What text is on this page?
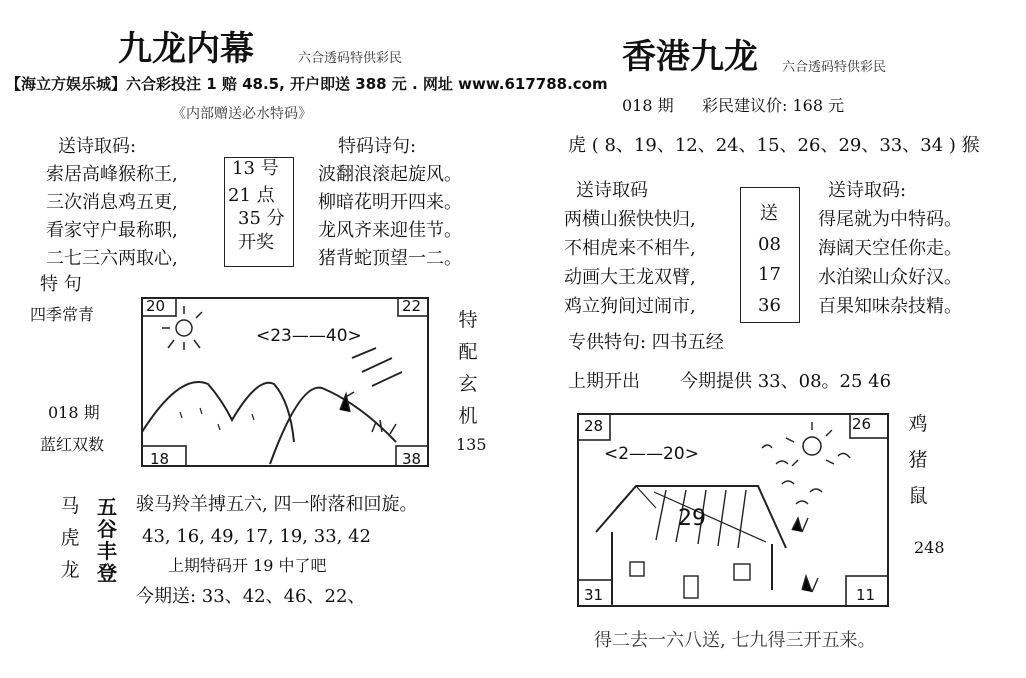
九龙内幕	六合透码特供彩民
【海立方娱乐城】六合彩投注 1 赔 48.5, 开户即送 388 元 . 网址 www.617788.com
《内部赠送必水特码》
送诗取码:
索居高峰猴称王,
三次消息鸡五更,
看家守户最称职,
二七三六两取心,
13 号
21 点
35 分
开奖
特码诗句:
波翻浪滚起旋风。
柳暗花明开四来。
龙风齐来迎佳节。
猪背蛇顶望一二。
特 句
四季常青
018 期
蓝红双数
20	22
<23——40>
18	38
特
配
玄
机
135
马
虎
龙
五
谷
丰
登
骏马羚羊搏五六, 四一附落和回旋。
43, 16, 49, 17, 19, 33, 42
上期特码开 19 中了吧
今期送: 33、42、46、22、
香港九龙 六合透码特供彩民
018 期 彩民建议价: 168 元
虎 ( 8、19、12、24、15、26、29、33、34 ) 猴
送诗取码	送诗取码:
两横山猴快快归,
不相虎来不相牛,
动画大王龙双臂,
鸡立狗间过闹市,
送
08
17
36
得尾就为中特码。
海阔天空任你走。
水泊梁山众好汉。
百果知味杂技精。
专供特句: 四书五经
上期开出 今期提供 33、08。25 46
28	26
<2——20>
29
31	11
鸡
猪
鼠
248
得二去一六八送, 七九得三开五来。
